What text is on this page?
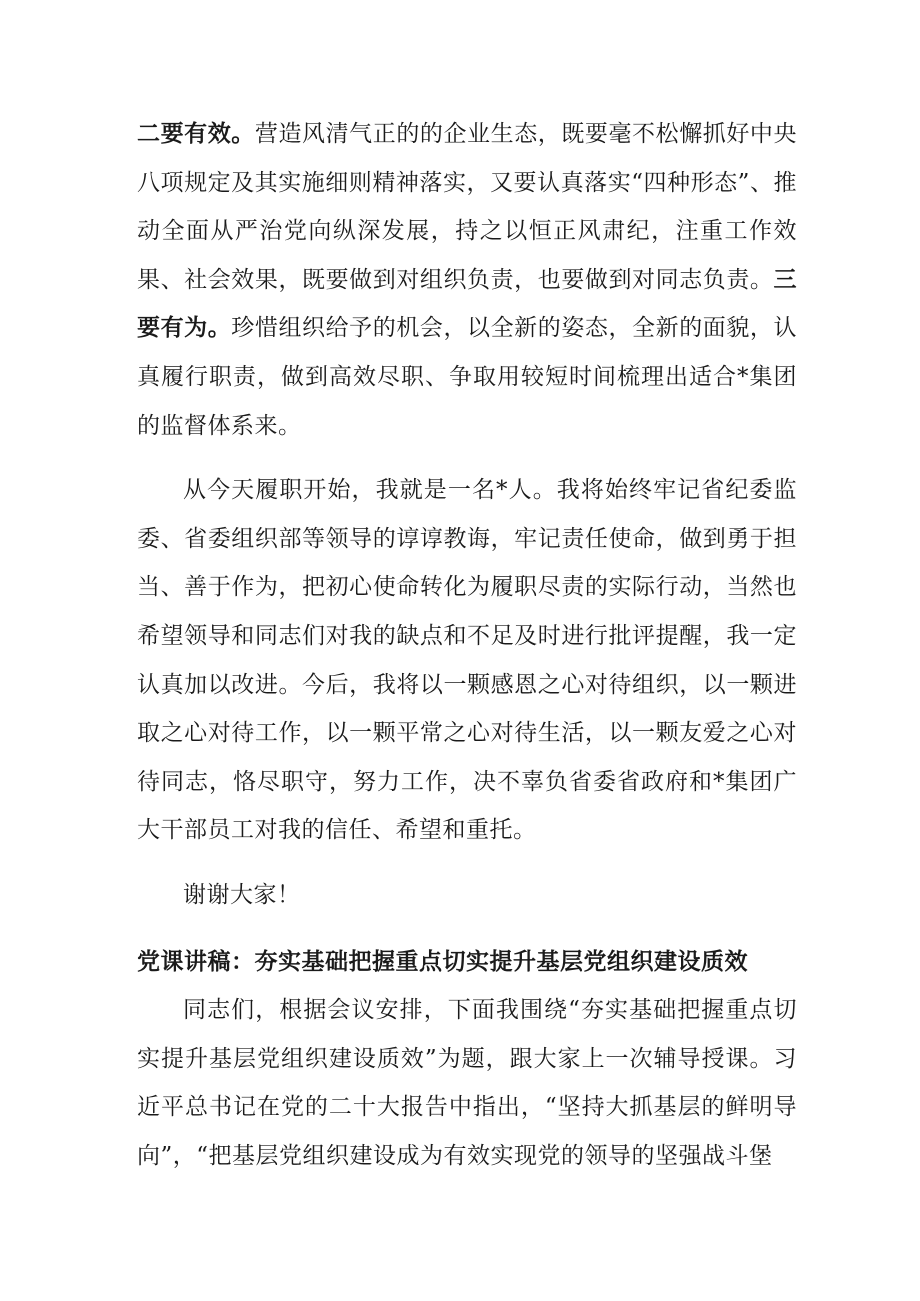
二要有效。营造风清气正的的企业生态，既要毫不松懈抓好中央八项规定及其实施细则精神落实，又要认真落实“四种形态”、推动全面从严治党向纵深发展，持之以恒正风肃纪，注重工作效果、社会效果，既要做到对组织负责，也要做到对同志负责。三要有为。珍惜组织给予的机会，以全新的姿态，全新的面貌，认真履行职责，做到高效尽职、争取用较短时间梳理出适合*集团的监督体系来。

从今天履职开始，我就是一名*人。我将始终牢记省纪委监委、省委组织部等领导的谆谆教诲，牢记责任使命，做到勇于担当、善于作为，把初心使命转化为履职尽责的实际行动，当然也希望领导和同志们对我的缺点和不足及时进行批评提醒，我一定认真加以改进。今后，我将以一颗感恩之心对待组织，以一颗进取之心对待工作，以一颗平常之心对待生活，以一颗友爱之心对待同志，恪尽职守，努力工作，决不辜负省委省政府和*集团广大干部员工对我的信任、希望和重托。

谢谢大家！

党课讲稿：夯实基础把握重点切实提升基层党组织建设质效

同志们，根据会议安排，下面我围绕“夯实基础把握重点切实提升基层党组织建设质效”为题，跟大家上一次辅导授课。习近平总书记在党的二十大报告中指出，“坚持大抓基层的鲜明导向”，“把基层党组织建设成为有效实现党的领导的坚强战斗堡
